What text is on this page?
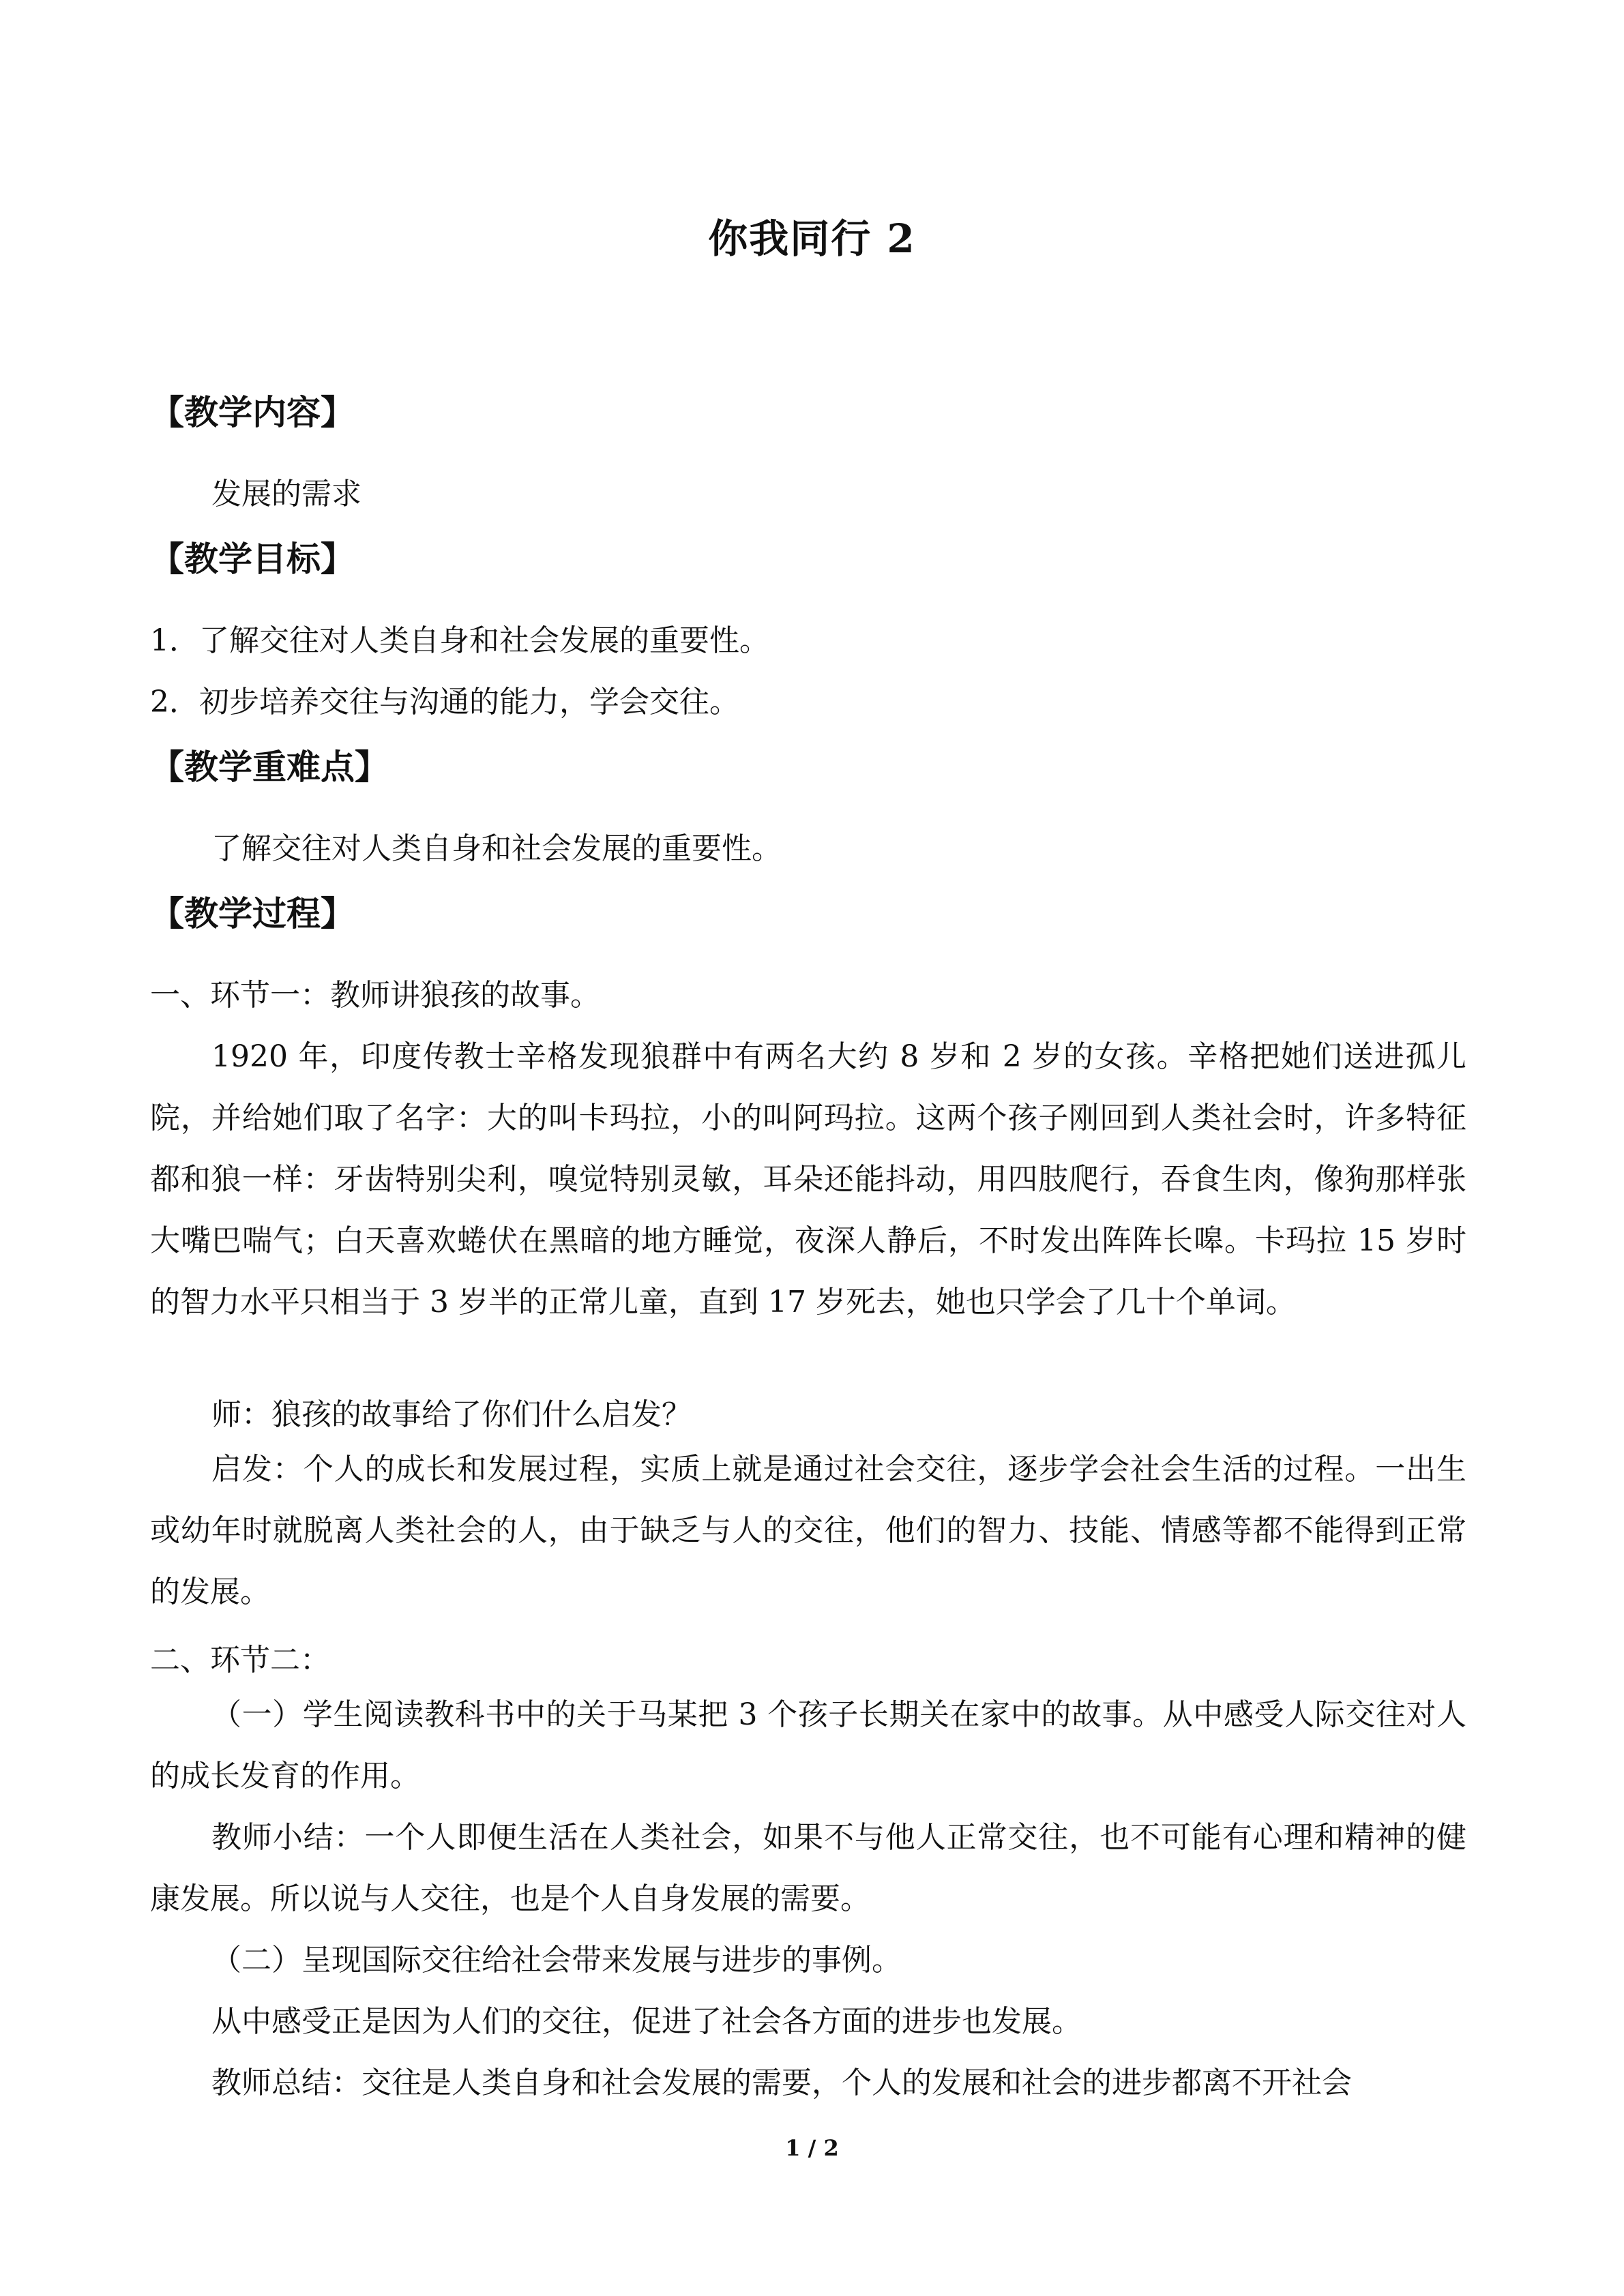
你我同行 2
【教学内容】
发展的需求
【教学目标】
1．了解交往对人类自身和社会发展的重要性。
2．初步培养交往与沟通的能力，学会交往。
【教学重难点】
了解交往对人类自身和社会发展的重要性。
【教学过程】
一、环节一：教师讲狼孩的故事。
1920 年，印度传教士辛格发现狼群中有两名大约 8 岁和 2 岁的女孩。辛格把她们送进孤儿院，并给她们取了名字：大的叫卡玛拉，小的叫阿玛拉。这两个孩子刚回到人类社会时，许多特征都和狼一样：牙齿特别尖利，嗅觉特别灵敏，耳朵还能抖动，用四肢爬行，吞食生肉，像狗那样张大嘴巴喘气；白天喜欢蜷伏在黑暗的地方睡觉，夜深人静后，不时发出阵阵长嗥。卡玛拉 15 岁时的智力水平只相当于 3 岁半的正常儿童，直到 17 岁死去，她也只学会了几十个单词。
师：狼孩的故事给了你们什么启发？
启发：个人的成长和发展过程，实质上就是通过社会交往，逐步学会社会生活的过程。一出生或幼年时就脱离人类社会的人，由于缺乏与人的交往，他们的智力、技能、情感等都不能得到正常的发展。
二、环节二：
（一）学生阅读教科书中的关于马某把 3 个孩子长期关在家中的故事。从中感受人际交往对人的成长发育的作用。
教师小结：一个人即便生活在人类社会，如果不与他人正常交往，也不可能有心理和精神的健康发展。所以说与人交往，也是个人自身发展的需要。
（二）呈现国际交往给社会带来发展与进步的事例。
从中感受正是因为人们的交往，促进了社会各方面的进步也发展。
教师总结：交往是人类自身和社会发展的需要，个人的发展和社会的进步都离不开社会
1 / 2
